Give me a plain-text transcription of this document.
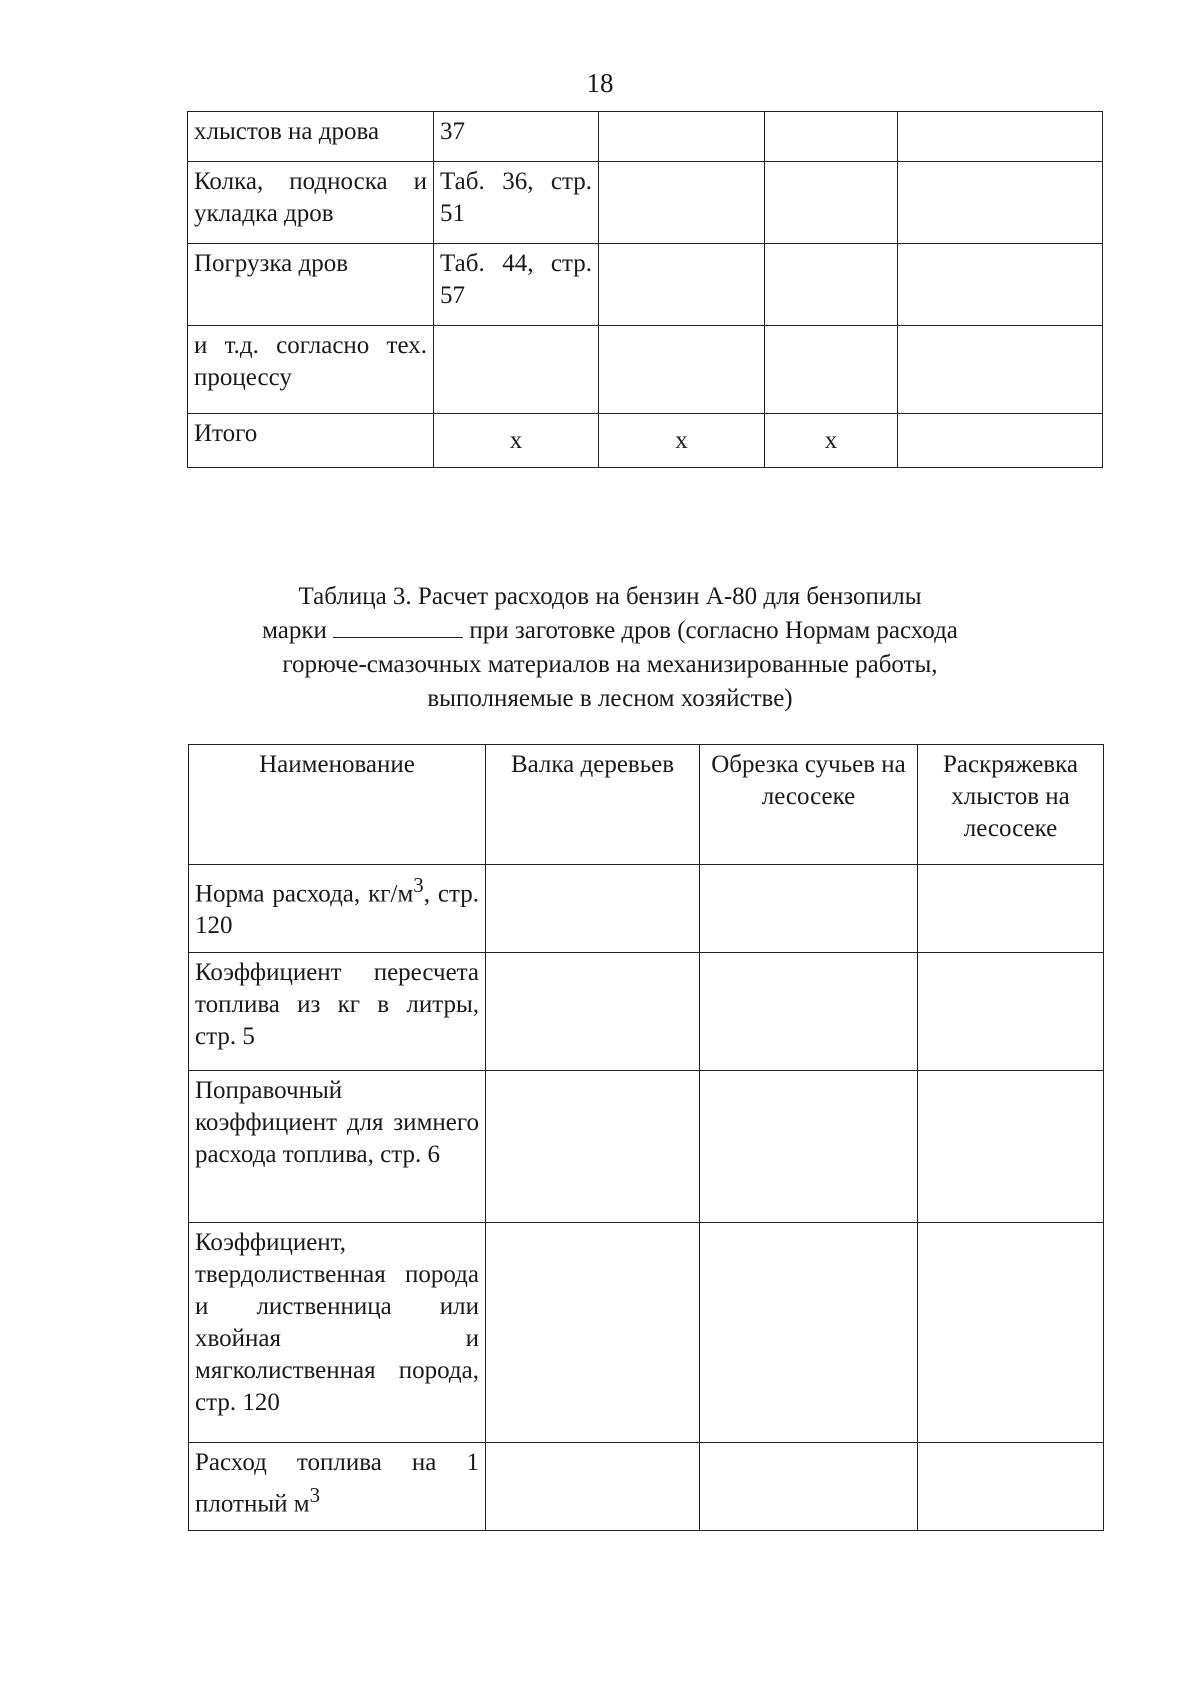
18
хлыстов на дрова	37			
Колка, подноска и укладка дров	Таб. 36, стр. 51			
Погрузка дров	Таб. 44, стр. 57			
и т.д. согласно тех. процессу				
Итого	х	х	х	
Таблица 3. Расчет расходов на бензин А-80 для бензопилы
марки	при заготовке дров (согласно Нормам расхода
горюче-смазочных материалов на механизированные работы,
выполняемые в лесном хозяйстве)
Наименование	Валка деревьев	Обрезка сучьев на лесосеке	Раскряжевка хлыстов на лесосеке
Норма расхода, $кг/м^3$, стр. 120			
Коэффициент пересчета топлива из кг в литры, стр. 5			
Поправочный коэффициент для зимнего расхода топлива, стр. 6			
Коэффициент, твердолиственная порода и лиственница или хвойная и мягколиственная порода, стр. 120			
Расход топлива на 1 плотный $м^3$			
